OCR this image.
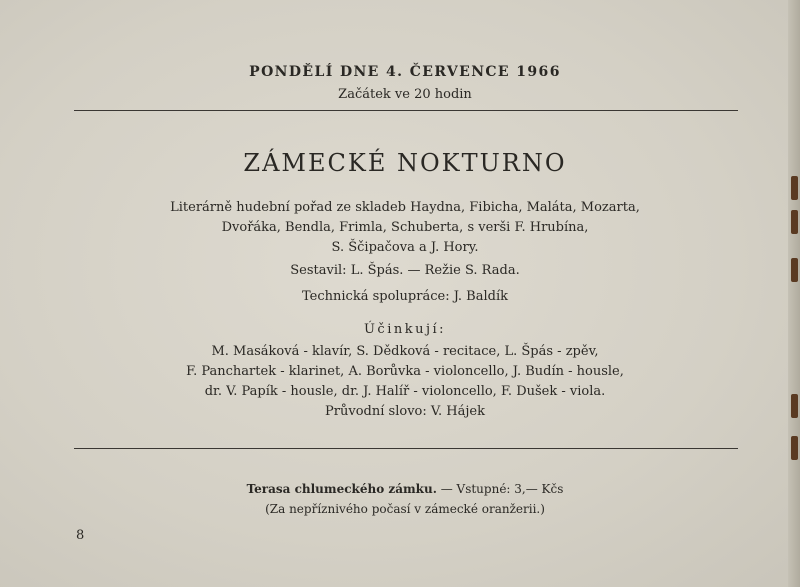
PONDĚLÍ DNE 4. ČERVENCE 1966
Začátek ve 20 hodin
ZÁMECKÉ NOKTURNO
Literárně hudební pořad ze skladeb Haydna, Fibicha, Maláta, Mozarta,
Dvořáka, Bendla, Frimla, Schuberta, s verši F. Hrubína,
S. Ščipačova a J. Hory.
Sestavil: L. Špás. — Režie S. Rada.
Technická spolupráce: J. Baldík
Účinkují:
M. Masáková - klavír, S. Dědková - recitace, L. Špás - zpěv,
F. Panchartek - klarinet, A. Borůvka - violoncello, J. Budín - housle,
dr. V. Papík - housle, dr. J. Halíř - violoncello, F. Dušek - viola.
Průvodní slovo: V. Hájek
Terasa chlumeckého zámku. — Vstupné: 3,— Kčs
(Za nepříznivého počasí v zámecké oranžerii.)
8
